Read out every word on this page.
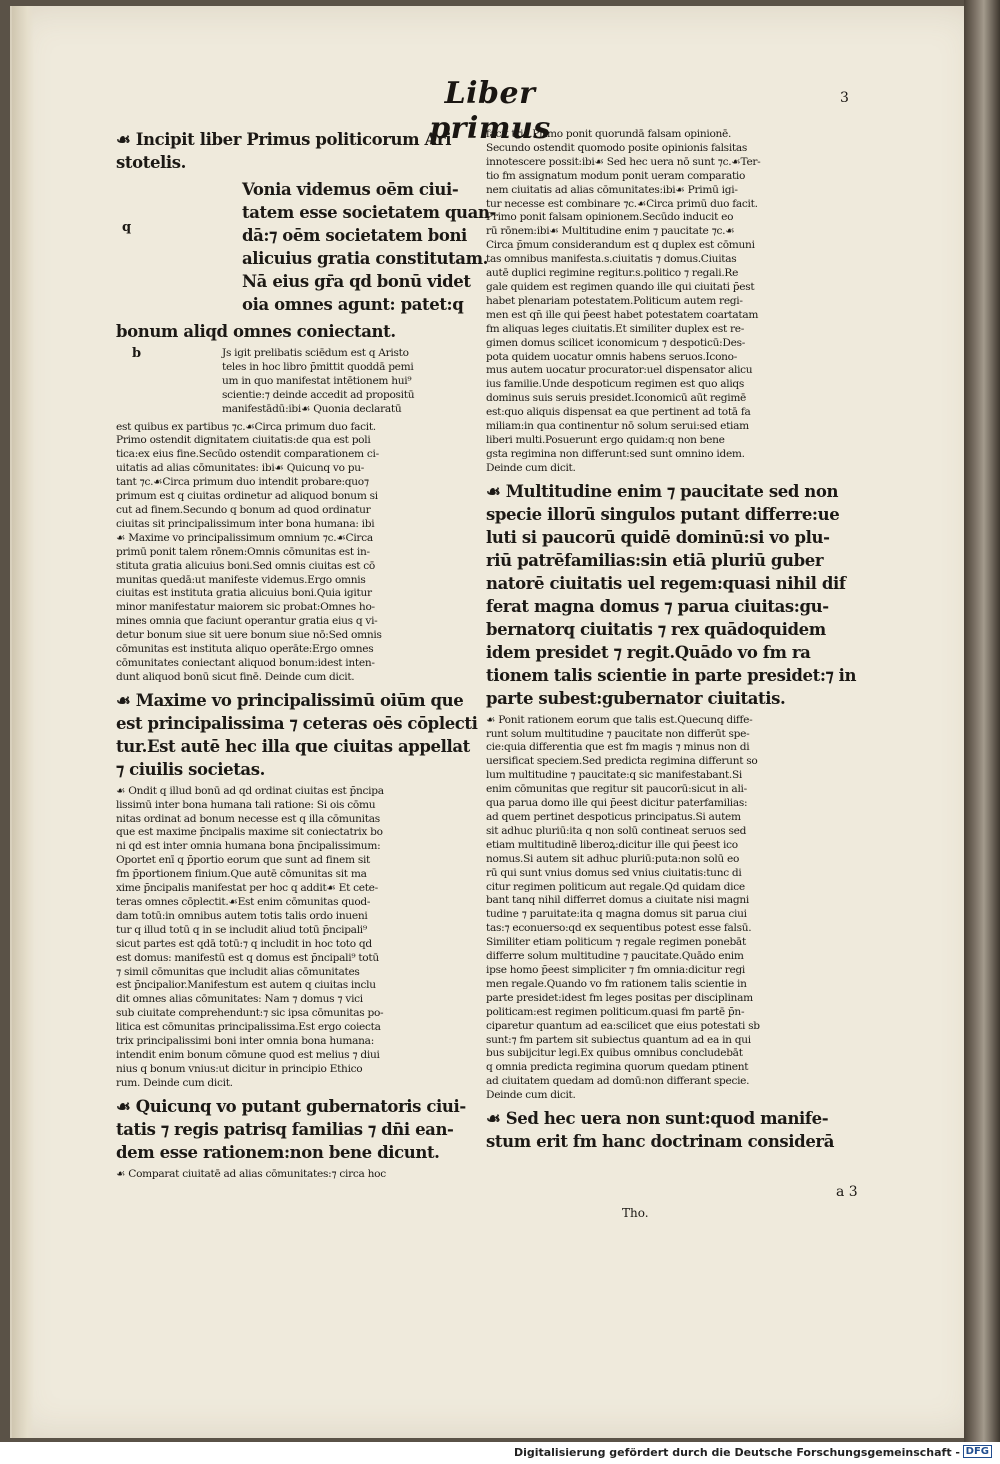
Liber primus
3
q
b
☙ Incipit liber Primus politicorum Ari
stotelis.
Vonia videmus oēm ciui-
tatem esse societatem quan-
dā:⁊ oēm societatem boni
alicuius gratia constitutam.
Nā eius gr̄a qd bonū videt
oia omnes agunt: patet:q
bonum aliqd omnes coniectant.
Js igit prelibatis sciēdum est q Aristo
teles in hoc libro p̄mittit quoddā pemi
um in quo manifestat intētionem hui⁹
scientie:⁊ deinde accedit ad propositū
manifestādū:ibi☙ Quonia declaratū
est quibus ex partibus ⁊c.☙Circa primum duo facit.
Primo ostendit dignitatem ciuitatis:de qua est poli
tica:ex eius fine.Secūdo ostendit comparationem ci-
uitatis ad alias cōmunitates: ibi☙ Quicunq vo pu-
tant ⁊c.☙Circa primum duo intendit probare:quo⁊
primum est q ciuitas ordinetur ad aliquod bonum si
cut ad finem.Secundo q bonum ad quod ordinatur
ciuitas sit principalissimum inter bona humana: ibi
☙ Maxime vo principalissimum omnium ⁊c.☙Circa
primū ponit talem rōnem:Omnis cōmunitas est in-
stituta gratia alicuius boni.Sed omnis ciuitas est cō
munitas quedā:ut manifeste videmus.Ergo omnis
ciuitas est instituta gratia alicuius boni.Quia igitur
minor manifestatur maiorem sic probat:Omnes ho-
mines omnia que faciunt operantur gratia eius q vi-
detur bonum siue sit uere bonum siue nō:Sed omnis
cōmunitas est instituta aliquo operāte:Ergo omnes
cōmunitates coniectant aliquod bonum:idest inten-
dunt aliquod bonū sicut finē. Deinde cum dicit.
☙ Maxime vo principalissimū oiūm que
est principalissima ⁊ ceteras oēs cōplecti
tur.Est autē hec illa que ciuitas appellat
⁊ ciuilis societas.
☙ Ondit q illud bonū ad qd ordinat ciuitas est p̄ncipa
lissimū inter bona humana tali ratione: Si ois cōmu
nitas ordinat ad bonum necesse est q illa cōmunitas
que est maxime p̄ncipalis maxime sit coniectatrix bo
ni qd est inter omnia humana bona p̄ncipalissimum:
Oportet enī q p̄portio eorum que sunt ad finem sit
fm p̄portionem finium.Que autē cōmunitas sit ma
xime p̄ncipalis manifestat per hoc q addit☙ Et cete-
teras omnes cōplectit.☙Est enim cōmunitas quod-
dam totū:in omnibus autem totis talis ordo inueni
tur q illud totū q in se includit aliud totū p̄ncipali⁹
sicut partes est qdā totū:⁊ q includit in hoc toto qd
est domus: manifestū est q domus est p̄ncipali⁹ totū
⁊ simil cōmunitas que includit alias cōmunitates
est p̄ncipalior.Manifestum est autem q ciuitas inclu
dit omnes alias cōmunitates: Nam ⁊ domus ⁊ vici
sub ciuitate comprehendunt:⁊ sic ipsa cōmunitas po-
litica est cōmunitas principalissima.Est ergo coiecta
trix principalissimi boni inter omnia bona humana:
intendit enim bonum cōmune quod est melius ⁊ diui
nius q bonum vnius:ut dicitur in principio Ethico
rum. Deinde cum dicit.
☙ Quicunq vo putant gubernatoris ciui-
tatis ⁊ regis patrisq familias ⁊ dn̄i ean-
dem esse rationem:non bene dicunt.
☙ Comparat ciuitatē ad alias cōmunitates:⁊ circa hoc
facit tria.Primo ponit quorundā falsam opinionē.
Secundo ostendit quomodo posite opinionis falsitas
innotescere possit:ibi☙ Sed hec uera nō sunt ⁊c.☙Ter-
tio fm assignatum modum ponit ueram comparatio
nem ciuitatis ad alias cōmunitates:ibi☙ Primū igi-
tur necesse est combinare ⁊c.☙Circa primū duo facit.
Primo ponit falsam opinionem.Secūdo inducit eo
rū rōnem:ibi☙ Multitudine enim ⁊ paucitate ⁊c.☙
Circa p̄mum considerandum est q duplex est cōmuni
tas omnibus manifesta.s.ciuitatis ⁊ domus.Ciuitas
autē duplici regimine regitur.s.politico ⁊ regali.Re
gale quidem est regimen quando ille qui ciuitati p̄est
habet plenariam potestatem.Politicum autem regi-
men est qn̄ ille qui p̄eest habet potestatem coartatam
fm aliquas leges ciuitatis.Et similiter duplex est re-
gimen domus scilicet iconomicum ⁊ despoticū:Des-
pota quidem uocatur omnis habens seruos.Icono-
mus autem uocatur procurator:uel dispensator alicu
ius familie.Unde despoticum regimen est quo aliqs
dominus suis seruis presidet.Iconomicū aūt regimē
est:quo aliquis dispensat ea que pertinent ad totā fa
miliam:in qua continentur nō solum serui:sed etiam
liberi multi.Posuerunt ergo quidam:q non bene
gsta regimina non differunt:sed sunt omnino idem.
Deinde cum dicit.
☙ Multitudine enim ⁊ paucitate sed non
specie illorū singulos putant differre:ue
luti si paucorū quidē dominū:si vo plu-
riū patrēfamilias:sin etiā pluriū guber
natorē ciuitatis uel regem:quasi nihil dif
ferat magna domus ⁊ parua ciuitas:gu-
bernatorq ciuitatis ⁊ rex quādoquidem
idem presidet ⁊ regit.Quādo vo fm ra
tionem talis scientie in parte presidet:⁊ in
parte subest:gubernator ciuitatis.
☙ Ponit rationem eorum que talis est.Quecunq diffe-
runt solum multitudine ⁊ paucitate non differūt spe-
cie:quia differentia que est fm magis ⁊ minus non di
uersificat speciem.Sed predicta regimina differunt so
lum multitudine ⁊ paucitate:q sic manifestabant.Si
enim cōmunitas que regitur sit paucorū:sicut in ali-
qua parua domo ille qui p̄eest dicitur paterfamilias:
ad quem pertinet despoticus principatus.Si autem
sit adhuc pluriū:ita q non solū contineat seruos sed
etiam multitudinē liberoꝝ:dicitur ille qui p̄eest ico
nomus.Si autem sit adhuc pluriū:puta:non solū eo
rū qui sunt vnius domus sed vnius ciuitatis:tunc di
citur regimen politicum aut regale.Qd quidam dice
bant tanq nihil differret domus a ciuitate nisi magni
tudine ⁊ paruitate:ita q magna domus sit parua ciui
tas:⁊ econuerso:qd ex sequentibus potest esse falsū.
Similiter etiam politicum ⁊ regale regimen ponebāt
differre solum multitudine ⁊ paucitate.Quādo enim
ipse homo p̄eest simpliciter ⁊ fm omnia:dicitur regi
men regale.Quando vo fm rationem talis scientie in
parte presidet:idest fm leges positas per disciplinam
politicam:est regimen politicum.quasi fm partē p̄n-
ciparetur quantum ad ea:scilicet que eius potestati sb
sunt:⁊ fm partem sit subiectus quantum ad ea in qui
bus subijcitur legi.Ex quibus omnibus concludebāt
q omnia predicta regimina quorum quedam ptinent
ad ciuitatem quedam ad domū:non differant specie.
Deinde cum dicit.
☙ Sed hec uera non sunt:quod manife-
stum erit fm hanc doctrinam considerā
a 3
Tho.
Digitalisierung gefördert durch die Deutsche Forschungsgemeinschaft - DFG
